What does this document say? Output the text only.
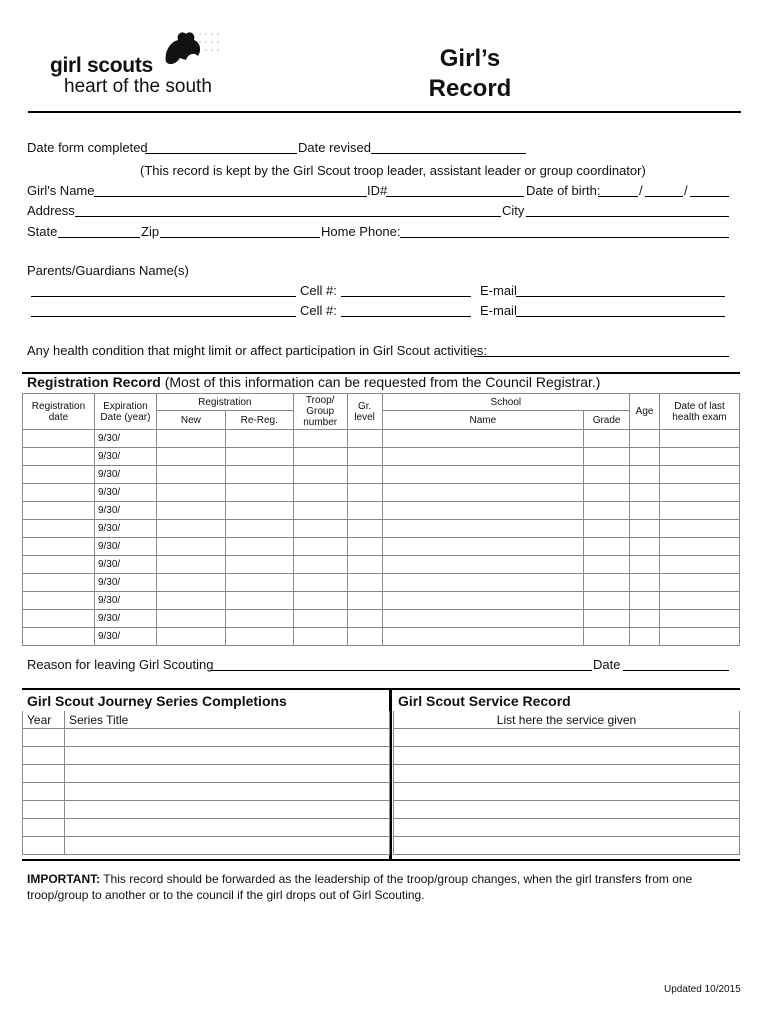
girl scouts
heart of the south
Girl’s
Record
Date form completed	Date revised
(This record is kept by the Girl Scout troop leader, assistant leader or group coordinator)
Girl's Name	ID#	Date of birth:	/	/
Address	City
State	Zip	Home Phone:
Parents/Guardians Name(s)
Cell #:	E-mail
Cell #:	E-mail
Any health condition that might limit or affect participation in Girl Scout activities:
Registration Record (Most of this information can be requested from the Council Registrar.)
Registration date	Expiration Date (year)	Registration		Troop/ Group number	Gr. level	School		Age	Date of last health exam
		New	Re-Reg.			Name	Grade		
	9/30/								
	9/30/								
	9/30/								
	9/30/								
	9/30/								
	9/30/								
	9/30/								
	9/30/								
	9/30/								
	9/30/								
	9/30/								
	9/30/								
Reason for leaving Girl Scouting	Date
Girl Scout Journey Series Completions	Girl Scout Service Record
Year	Series Title

		List here the service given

IMPORTANT: This record should be forwarded as the leadership of the troop/group changes, when the girl transfers from one troop/group to another or to the council if the girl drops out of Girl Scouting.
Updated 10/2015
